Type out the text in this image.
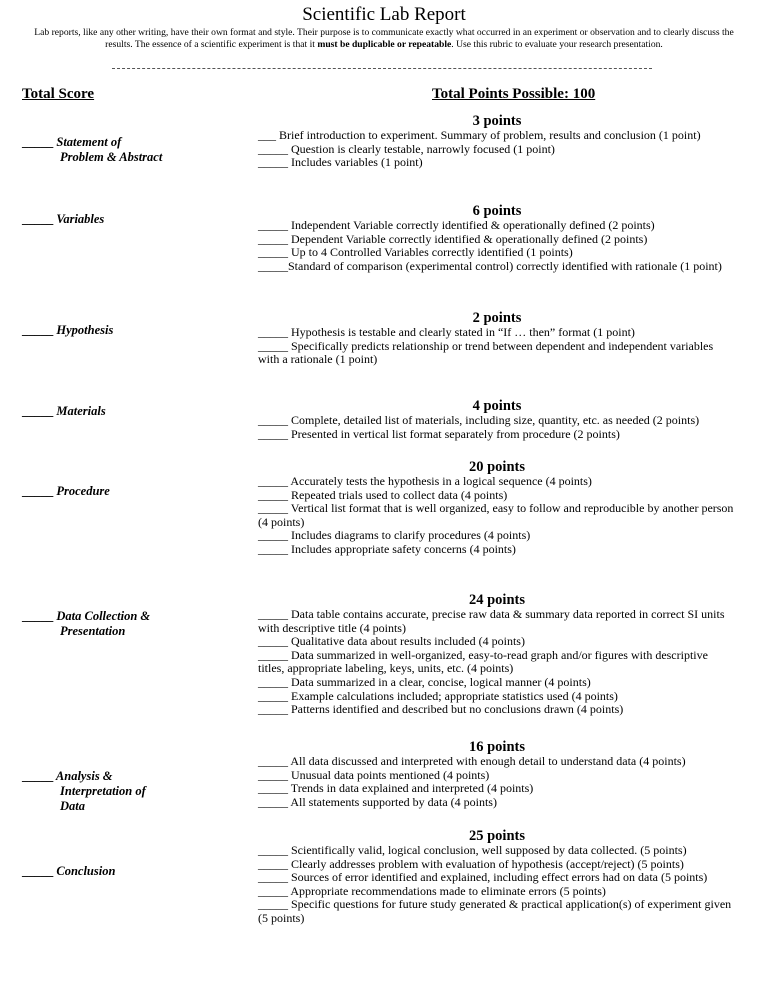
Scientific Lab Report
Lab reports, like any other writing, have their own format and style. Their purpose is to communicate exactly what occurred in an experiment or observation and to clearly discuss the results. The essence of a scientific experiment is that it must be duplicable or repeatable. Use this rubric to evaluate your research presentation.
Total Score	Total Points Possible: 100
_____ Statement of
Problem & Abstract
3 points
___ Brief introduction to experiment. Summary of problem, results and conclusion (1 point)
_____ Question is clearly testable, narrowly focused (1 point)
_____ Includes variables (1 point)
_____ Variables	6 points
_____ Independent Variable correctly identified & operationally defined (2 points)
_____ Dependent Variable correctly identified & operationally defined (2 points)
_____ Up to 4 Controlled Variables correctly identified (1 points)
_____Standard of comparison (experimental control) correctly identified with rationale (1 point)
_____ Hypothesis
2 points
_____ Hypothesis is testable and clearly stated in “If … then” format (1 point)
_____ Specifically predicts relationship or trend between dependent and independent variables with a rationale (1 point)
_____ Materials	4 points
_____ Complete, detailed list of materials, including size, quantity, etc. as needed (2 points)
_____ Presented in vertical list format separately from procedure (2 points)
_____ Procedure
20 points
_____ Accurately tests the hypothesis in a logical sequence (4 points)
_____ Repeated trials used to collect data (4 points)
_____ Vertical list format that is well organized, easy to follow and reproducible by another person (4 points)
_____ Includes diagrams to clarify procedures (4 points)
_____ Includes appropriate safety concerns (4 points)
_____ Data Collection &
Presentation
24 points
_____ Data table contains accurate, precise raw data & summary data reported in correct SI units with descriptive title (4 points)
_____ Qualitative data about results included (4 points)
_____ Data summarized in well-organized, easy-to-read graph and/or figures with descriptive titles, appropriate labeling, keys, units, etc. (4 points)
_____ Data summarized in a clear, concise, logical manner (4 points)
_____ Example calculations included; appropriate statistics used (4 points)
_____ Patterns identified and described but no conclusions drawn (4 points)
_____ Analysis &
Interpretation of
Data
16 points
_____ All data discussed and interpreted with enough detail to understand data (4 points)
_____ Unusual data points mentioned (4 points)
_____ Trends in data explained and interpreted (4 points)
_____ All statements supported by data (4 points)
_____ Conclusion
25 points
_____ Scientifically valid, logical conclusion, well supposed by data collected. (5 points)
_____ Clearly addresses problem with evaluation of hypothesis (accept/reject) (5 points)
_____ Sources of error identified and explained, including effect errors had on data (5 points)
_____ Appropriate recommendations made to eliminate errors (5 points)
_____ Specific questions for future study generated & practical application(s) of experiment given (5 points)
